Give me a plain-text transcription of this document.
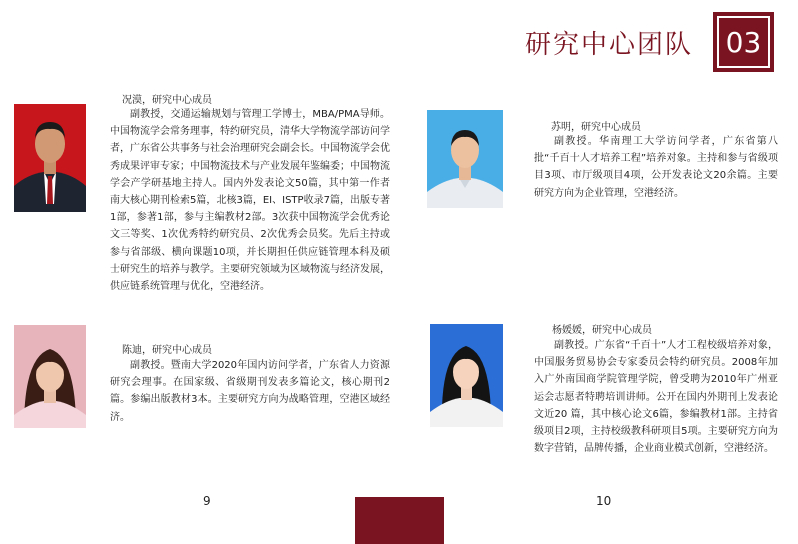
研究中心团队	03
况漠，研究中心成员
副教授，交通运输规划与管理工学博士，MBA/PMA导师。中国物流学会常务理事，特约研究员，清华大学物流学部访问学者，广东省公共事务与社会治理研究会副会长。中国物流学会优秀成果评审专家；中国物流技术与产业发展年鉴编委；中国物流学会产学研基地主持人。国内外发表论文50篇，其中第一作者南大核心期刊检索5篇，北核3篇，EI、ISTP收录7篇，出版专著1部，参著1部，参与主编教材2部。3次获中国物流学会优秀论文三等奖、1次优秀特约研究员、2次优秀会员奖。先后主持或参与省部级、横向课题10项，并长期担任供应链管理本科及硕士研究生的培养与教学。主要研究领域为区域物流与经济发展，供应链系统管理与优化，空港经济。
陈迪，研究中心成员
副教授。暨南大学2020年国内访问学者，广东省人力资源研究会理事。在国家级、省级期刊发表多篇论文，核心期刊2篇。参编出版教材3本。主要研究方向为战略管理，空港区域经济。
苏明，研究中心成员
副教授。华南理工大学访问学者，广东省第八批“千百十人才培养工程”培养对象。主持和参与省级项目3项、市厅级项目4项，公开发表论文20余篇。主要研究方向为企业管理，空港经济。
杨媛媛，研究中心成员
副教授。广东省“千百十”人才工程校级培养对象，中国服务贸易协会专家委员会特约研究员。2008年加入广外南国商学院管理学院，曾受聘为2010年广州亚运会志愿者特聘培训讲师。公开在国内外期刊上发表论文近20 篇，其中核心论文6篇，参编教材1部。主持省级项目2项，主持校级教科研项目5项。主要研究方向为数字营销，品牌传播，企业商业模式创新，空港经济。
9	10
